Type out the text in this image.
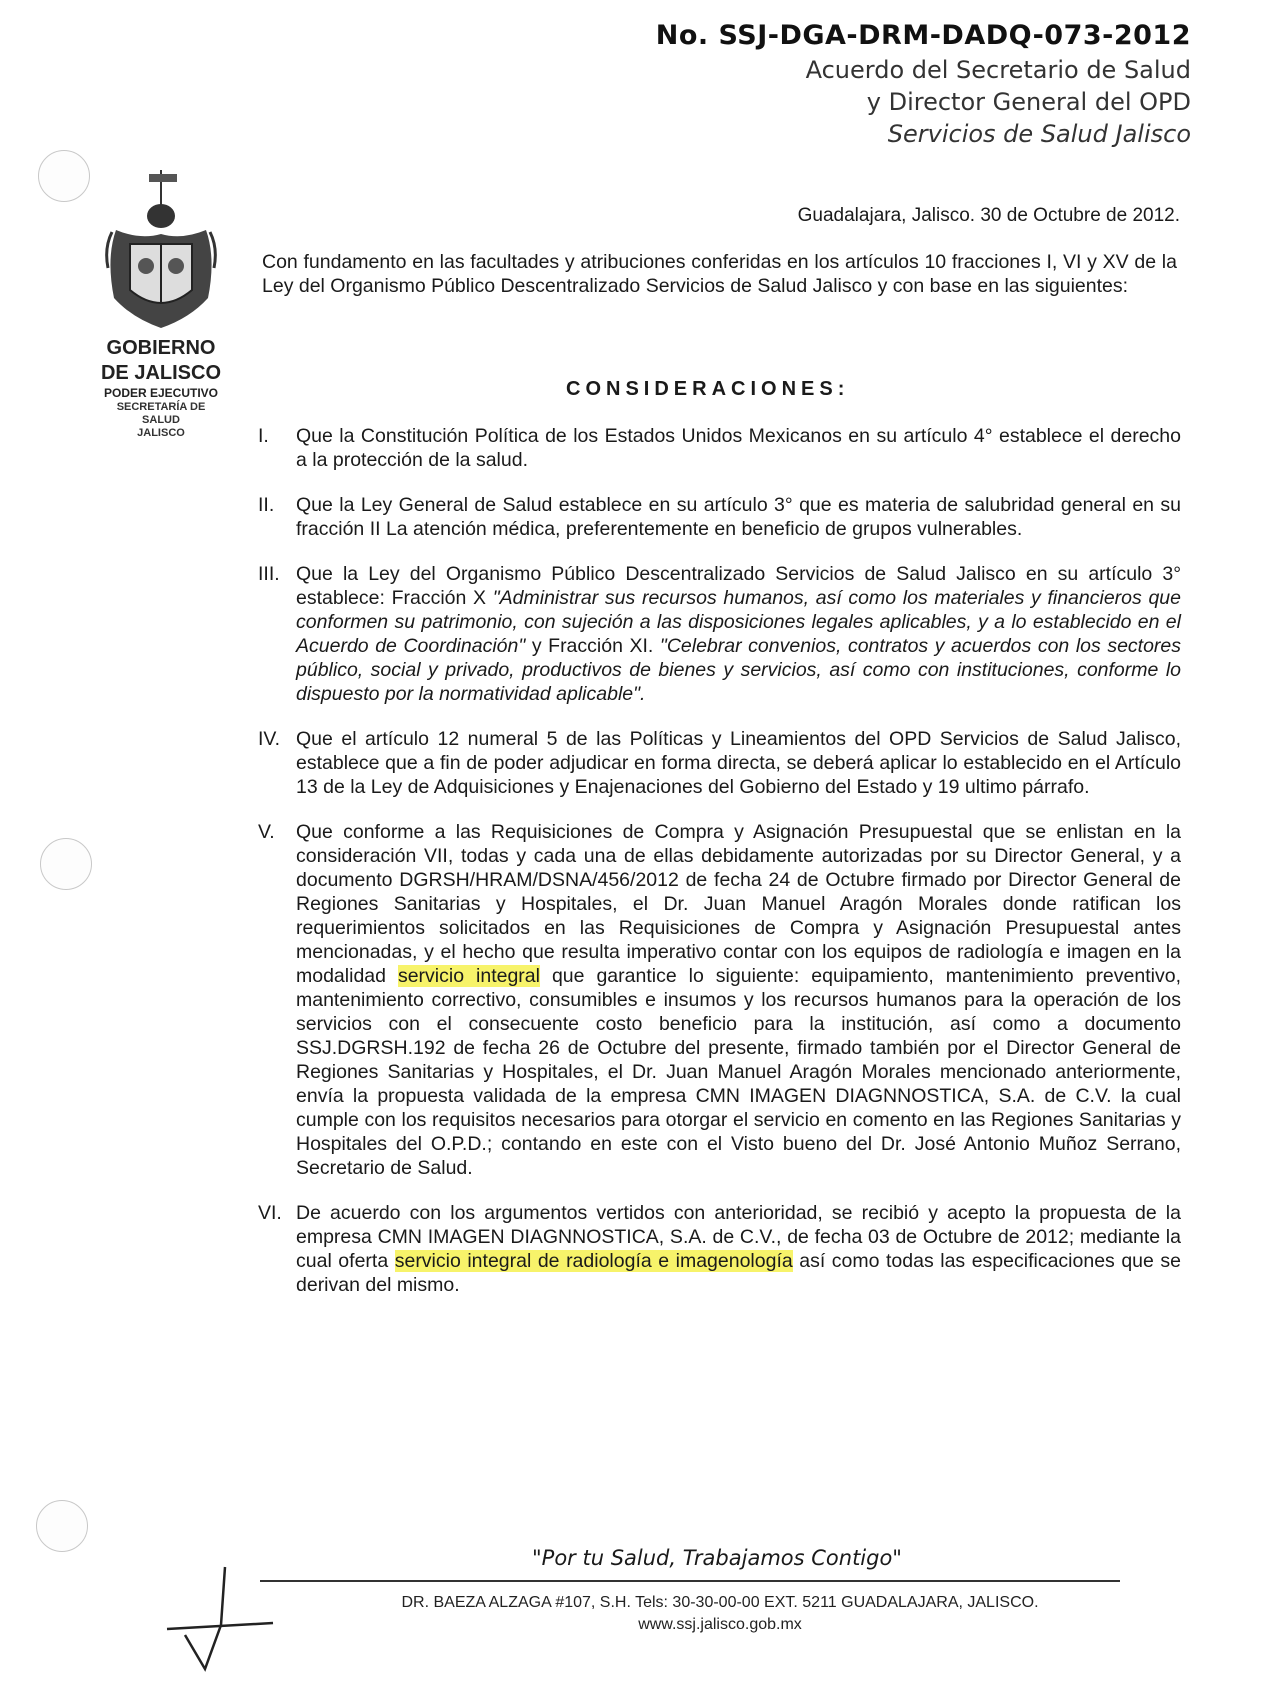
No. SSJ-DGA-DRM-DADQ-073-2012
Acuerdo del Secretario de Salud
y Director General del OPD
Servicios de Salud Jalisco
GOBIERNO
DE JALISCO
PODER EJECUTIVO
SECRETARÍA DE
SALUD
JALISCO
Guadalajara, Jalisco. 30 de Octubre de 2012.
Con fundamento en las facultades y atribuciones conferidas en los artículos 10 fracciones I, VI y XV de la Ley del Organismo Público Descentralizado Servicios de Salud Jalisco y con base en las siguientes:
CONSIDERACIONES:
I. Que la Constitución Política de los Estados Unidos Mexicanos en su artículo 4° establece el derecho a la protección de la salud.
II. Que la Ley General de Salud establece en su artículo 3° que es materia de salubridad general en su fracción II La atención médica, preferentemente en beneficio de grupos vulnerables.
III. Que la Ley del Organismo Público Descentralizado Servicios de Salud Jalisco en su artículo 3° establece: Fracción X "Administrar sus recursos humanos, así como los materiales y financieros que conformen su patrimonio, con sujeción a las disposiciones legales aplicables, y a lo establecido en el Acuerdo de Coordinación" y Fracción XI. "Celebrar convenios, contratos y acuerdos con los sectores público, social y privado, productivos de bienes y servicios, así como con instituciones, conforme lo dispuesto por la normatividad aplicable".
IV. Que el artículo 12 numeral 5 de las Políticas y Lineamientos del OPD Servicios de Salud Jalisco, establece que a fin de poder adjudicar en forma directa, se deberá aplicar lo establecido en el Artículo 13 de la Ley de Adquisiciones y Enajenaciones del Gobierno del Estado y 19 ultimo párrafo.
V. Que conforme a las Requisiciones de Compra y Asignación Presupuestal que se enlistan en la consideración VII, todas y cada una de ellas debidamente autorizadas por su Director General, y a documento DGRSH/HRAM/DSNA/456/2012 de fecha 24 de Octubre firmado por Director General de Regiones Sanitarias y Hospitales, el Dr. Juan Manuel Aragón Morales donde ratifican los requerimientos solicitados en las Requisiciones de Compra y Asignación Presupuestal antes mencionadas, y el hecho que resulta imperativo contar con los equipos de radiología e imagen en la modalidad servicio integral que garantice lo siguiente: equipamiento, mantenimiento preventivo, mantenimiento correctivo, consumibles e insumos y los recursos humanos para la operación de los servicios con el consecuente costo beneficio para la institución, así como a documento SSJ.DGRSH.192 de fecha 26 de Octubre del presente, firmado también por el Director General de Regiones Sanitarias y Hospitales, el Dr. Juan Manuel Aragón Morales mencionado anteriormente, envía la propuesta validada de la empresa CMN IMAGEN DIAGNNOSTICA, S.A. de C.V. la cual cumple con los requisitos necesarios para otorgar el servicio en comento en las Regiones Sanitarias y Hospitales del O.P.D.; contando en este con el Visto bueno del Dr. José Antonio Muñoz Serrano, Secretario de Salud.
VI. De acuerdo con los argumentos vertidos con anterioridad, se recibió y acepto la propuesta de la empresa CMN IMAGEN DIAGNNOSTICA, S.A. de C.V., de fecha 03 de Octubre de 2012; mediante la cual oferta servicio integral de radiología e imagenología así como todas las especificaciones que se derivan del mismo.
"Por tu Salud, Trabajamos Contigo"
DR. BAEZA ALZAGA #107, S.H. Tels: 30-30-00-00 EXT. 5211 GUADALAJARA, JALISCO.
www.ssj.jalisco.gob.mx
